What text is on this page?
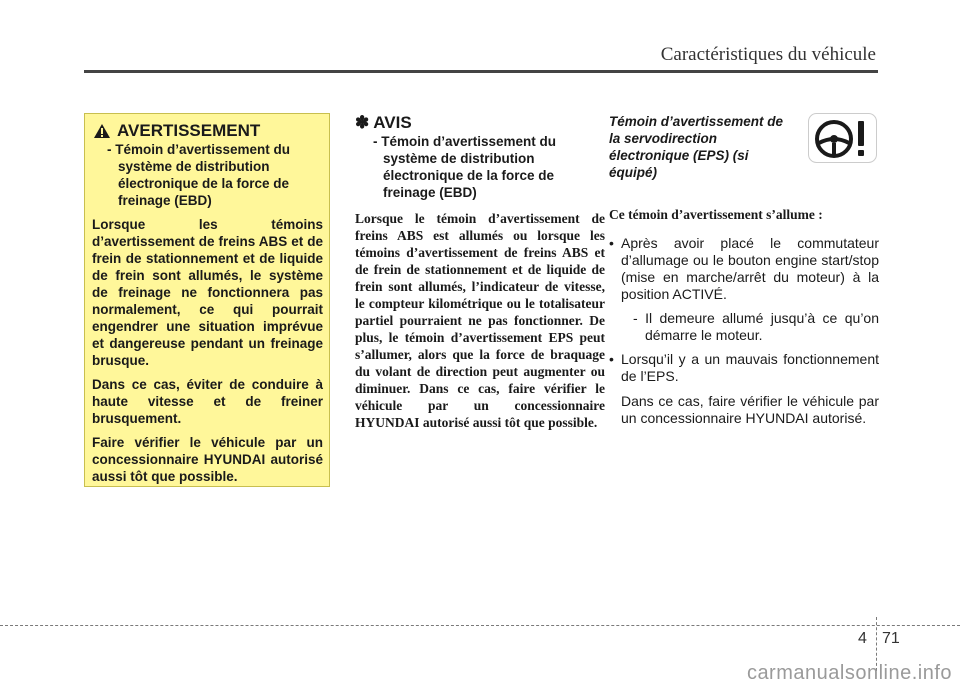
Caractéristiques du véhicule
AVERTISSEMENT
- Témoin d’avertissement du système de distribution électronique de la force de freinage (EBD)
Lorsque les témoins d’avertissement de freins ABS et de frein de stationnement et de liquide de frein sont allumés, le système de freinage ne fonctionnera pas normalement, ce qui pourrait engendrer une situation imprévue et dangereuse pendant un freinage brusque.
Dans ce cas, éviter de conduire à haute vitesse et de freiner brusquement.
Faire vérifier le véhicule par un concessionnaire HYUNDAI autorisé aussi tôt que possible.
✽ AVIS
- Témoin d’avertissement du système de distribution électronique de la force de freinage (EBD)
Lorsque le témoin d’avertissement de freins ABS est allumés ou lorsque les témoins d’avertissement de freins ABS et de frein de stationnement et de liquide de frein sont allumés, l’indicateur de vitesse, le compteur kilométrique ou le totalisateur partiel pourraient ne pas fonctionner. De plus, le témoin d’avertissement EPS peut s’allumer, alors que la force de braquage du volant de direction peut augmenter ou diminuer. Dans ce cas, faire vérifier le véhicule par un concessionnaire HYUNDAI autorisé aussi tôt que possible.
Témoin d’avertissement de la servodirection électronique (EPS) (si équipé)
Ce témoin d’avertissement s’allume :
• Après avoir placé le commutateur d’allumage ou le bouton engine start/stop (mise en marche/arrêt du moteur) à la position ACTIVÉ.
- Il demeure allumé jusqu’à ce qu’on démarre le moteur.
• Lorsqu’il y a un mauvais fonctionnement de l’EPS.
Dans ce cas, faire vérifier le véhicule par un concessionnaire HYUNDAI autorisé.
4 71
carmanualsonline.info
